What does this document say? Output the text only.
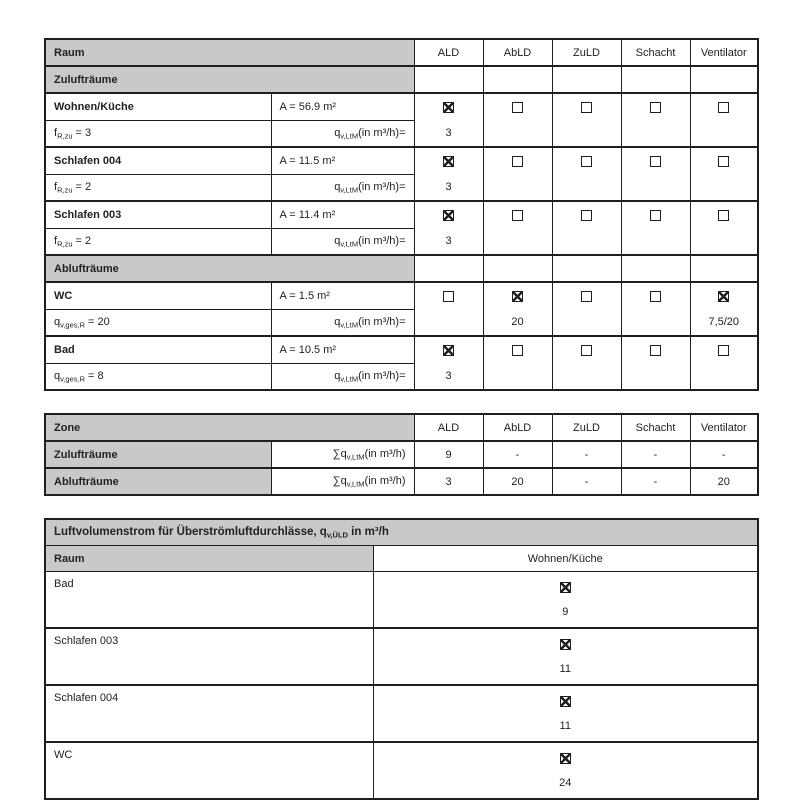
Raum		ALD	AbLD	ZuLD	Schacht	Ventilator
Zulufträume						
Wohnen/Küche	A = 56.9 m²	3				

$f_{R,zu} = 3$	$q_{v,LtM}(in$ m³/h)=					
Schlafen 004	A = 11.5 m²	3				

$f_{R,zu} = 2$	$q_{v,LtM}(in$ m³/h)=					
Schlafen 003	A = 11.4 m²	3				

$f_{R,zu} = 2$	$q_{v,LtM}(in$ m³/h)=					
Ablufträume						
WC	A = 1.5 m²		20			7,5/20

$q_{v,ges,R} = 20$	$q_{v,LtM}(in$ m³/h)=					
Bad	A = 10.5 m²	3				

$q_{v,ges,R} = 8$	$q_{v,LtM}(in$ m³/h)=					
Zone		ALD	AbLD	ZuLD	Schacht	Ventilator
Zulufträume	$\sum q_{v,LtM}(in$ m³/h)	9	-	-	-	-
Ablufträume	$\sum q_{v,LtM}(in$ m³/h)	3	20	-	-	20
Luftvolumenstrom für Überströmluftdurchlässe, $q_{v,ÜLD}$ in m³/h	
Raum	Wohnen/Küche
Bad	9

Schlafen 003	11

Schlafen 004	11

WC	24
